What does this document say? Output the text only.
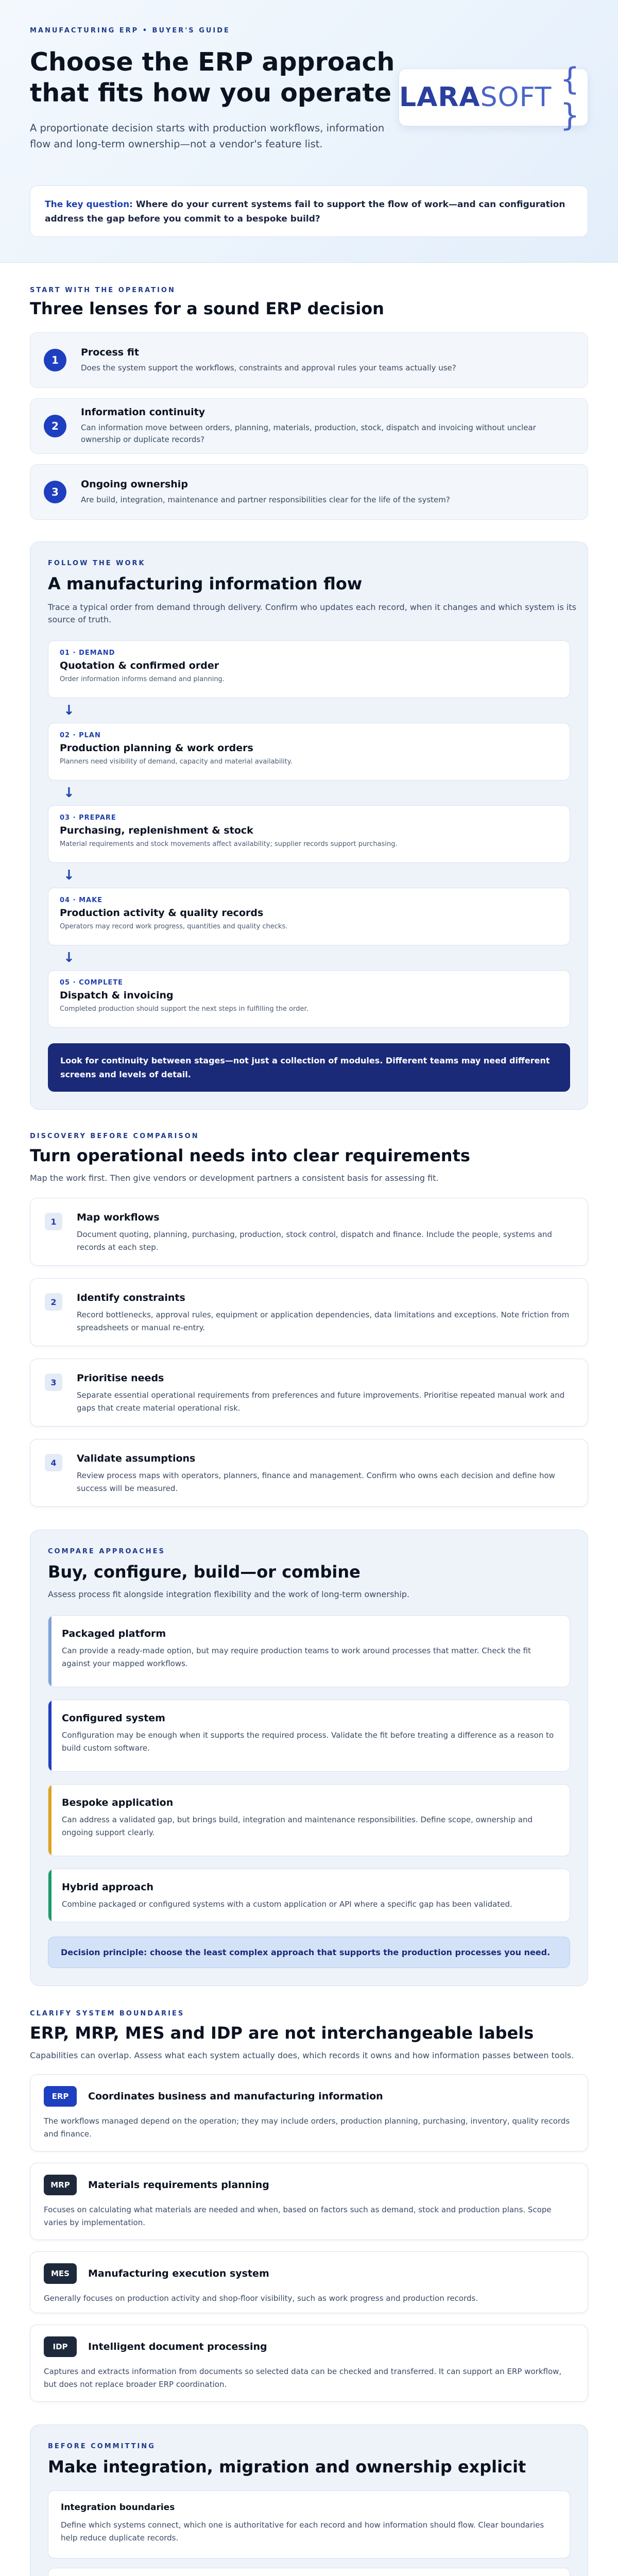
MANUFACTURING ERP • BUYER'S GUIDE
Choose the ERP approach that fits how you operate

A proportionate decision starts with production workflows, information flow and long-term ownership—not a vendor's feature list.

LARASOFT { }
The key question: Where do your current systems fail to support the flow of work—and can configuration address the gap before you commit to a bespoke build?
START WITH THE OPERATION
Three lenses for a sound ERP decision
1
Process fit
Does the system support the workflows, constraints and approval rules your teams actually use?
2
Information continuity
Can information move between orders, planning, materials, production, stock, dispatch and invoicing without unclear ownership or duplicate records?
3
Ongoing ownership
Are build, integration, maintenance and partner responsibilities clear for the life of the system?
FOLLOW THE WORK
A manufacturing information flow

Trace a typical order from demand through delivery. Confirm who updates each record, when it changes and which system is its source of truth.

01 · DEMAND
Quotation & confirmed order
Order information informs demand and planning.
↓
02 · PLAN
Production planning & work orders
Planners need visibility of demand, capacity and material availability.
↓
03 · PREPARE
Purchasing, replenishment & stock
Material requirements and stock movements affect availability; supplier records support purchasing.
↓
04 · MAKE
Production activity & quality records
Operators may record work progress, quantities and quality checks.
↓
05 · COMPLETE
Dispatch & invoicing
Completed production should support the next steps in fulfilling the order.
Look for continuity between stages—not just a collection of modules. Different teams may need different screens and levels of detail.
DISCOVERY BEFORE COMPARISON
Turn operational needs into clear requirements

Map the work first. Then give vendors or development partners a consistent basis for assessing fit.

1	Map workflows
Document quoting, planning, purchasing, production, stock control, dispatch and finance. Include the people, systems and records at each step.
2	Identify constraints
Record bottlenecks, approval rules, equipment or application dependencies, data limitations and exceptions. Note friction from spreadsheets or manual re-entry.
3	Prioritise needs
Separate essential operational requirements from preferences and future improvements. Prioritise repeated manual work and gaps that create material operational risk.
4	Validate assumptions
Review process maps with operators, planners, finance and management. Confirm who owns each decision and define how success will be measured.
COMPARE APPROACHES
Buy, configure, build—or combine

Assess process fit alongside integration flexibility and the work of long-term ownership.

Packaged platform
Can provide a ready-made option, but may require production teams to work around processes that matter. Check the fit against your mapped workflows.
Configured system
Configuration may be enough when it supports the required process. Validate the fit before treating a difference as a reason to build custom software.
Bespoke application
Can address a validated gap, but brings build, integration and maintenance responsibilities. Define scope, ownership and ongoing support clearly.
Hybrid approach
Combine packaged or configured systems with a custom application or API where a specific gap has been validated.
Decision principle: choose the least complex approach that supports the production processes you need.
CLARIFY SYSTEM BOUNDARIES
ERP, MRP, MES and IDP are not interchangeable labels

Capabilities can overlap. Assess what each system actually does, which records it owns and how information passes between tools.

ERP	Coordinates business and manufacturing information
The workflows managed depend on the operation; they may include orders, production planning, purchasing, inventory, quality records and finance.
MRP	Materials requirements planning
Focuses on calculating what materials are needed and when, based on factors such as demand, stock and production plans. Scope varies by implementation.
MES	Manufacturing execution system
Generally focuses on production activity and shop-floor visibility, such as work progress and production records.
IDP	Intelligent document processing
Captures and extracts information from documents so selected data can be checked and transferred. It can support an ERP workflow, but does not replace broader ERP coordination.
BEFORE COMMITTING
Make integration, migration and ownership explicit
Integration boundaries
Define which systems connect, which one is authoritative for each record and how information should flow. Clear boundaries help reduce duplicate records.
